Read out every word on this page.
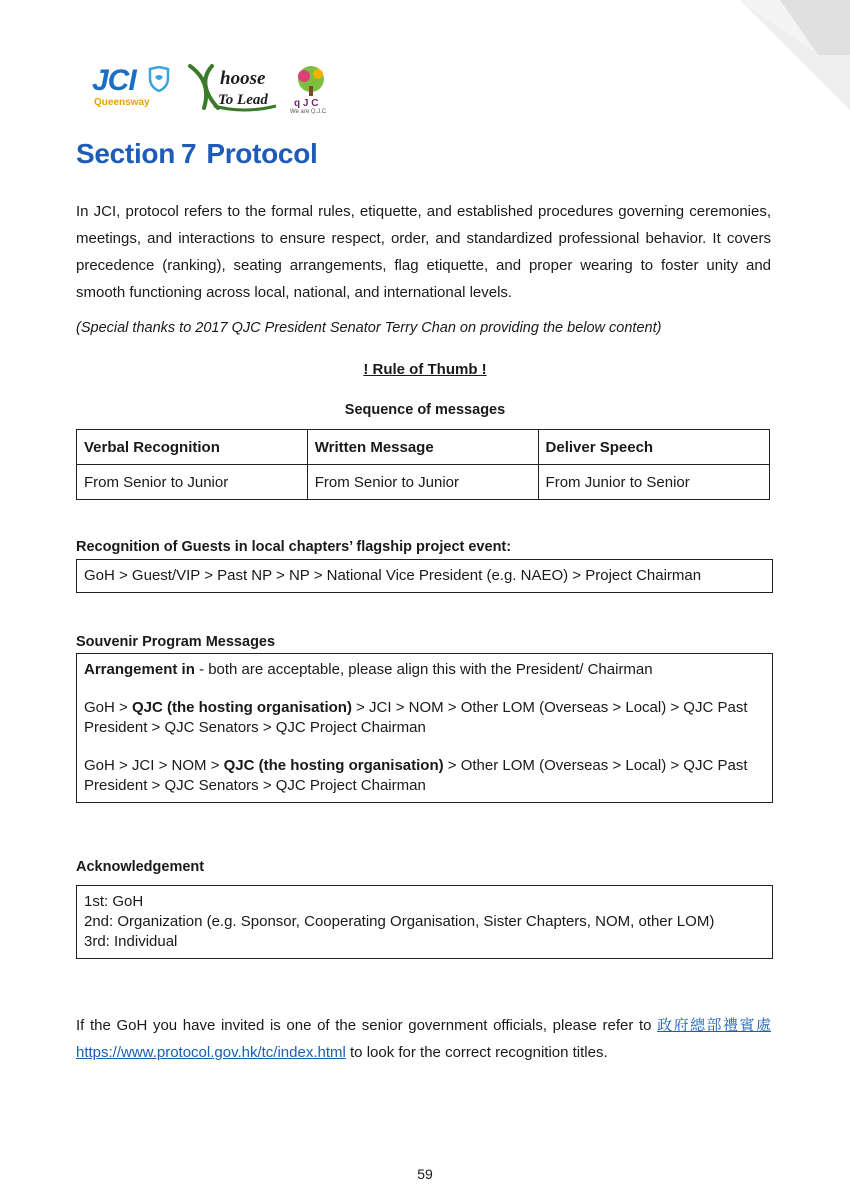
JCI
Queensway
hoose
To Lead	q J C
We are Q.J.C
Section 7 Protocol

In JCI, protocol refers to the formal rules, etiquette, and established procedures governing ceremonies, meetings, and interactions to ensure respect, order, and standardized professional behavior. It covers precedence (ranking), seating arrangements, flag etiquette, and proper wearing to foster unity and smooth functioning across local, national, and international levels.

(Special thanks to 2017 QJC President Senator Terry Chan on providing the below content)

! Rule of Thumb !

Sequence of messages

Verbal Recognition	Written Message	Deliver Speech
From Senior to Junior	From Senior to Junior	From Junior to Senior

Recognition of Guests in local chapters’ flagship project event:

GoH > Guest/VIP > Past NP > NP > National Vice President (e.g. NAEO) > Project Chairman

Souvenir Program Messages

Arrangement in - both are acceptable, please align this with the President/ Chairman

GoH > QJC (the hosting organisation) > JCI > NOM > Other LOM (Overseas > Local) > QJC Past President > QJC Senators > QJC Project Chairman

GoH > JCI > NOM > QJC (the hosting organisation) > Other LOM (Overseas > Local) > QJC Past President > QJC Senators > QJC Project Chairman

Acknowledgement

1st: GoH

2nd: Organization (e.g. Sponsor, Cooperating Organisation, Sister Chapters, NOM, other LOM)

3rd: Individual

If the GoH you have invited is one of the senior government officials, please refer to 政府總部禮賓處 https://www.protocol.gov.hk/tc/index.html to look for the correct recognition titles.

59
